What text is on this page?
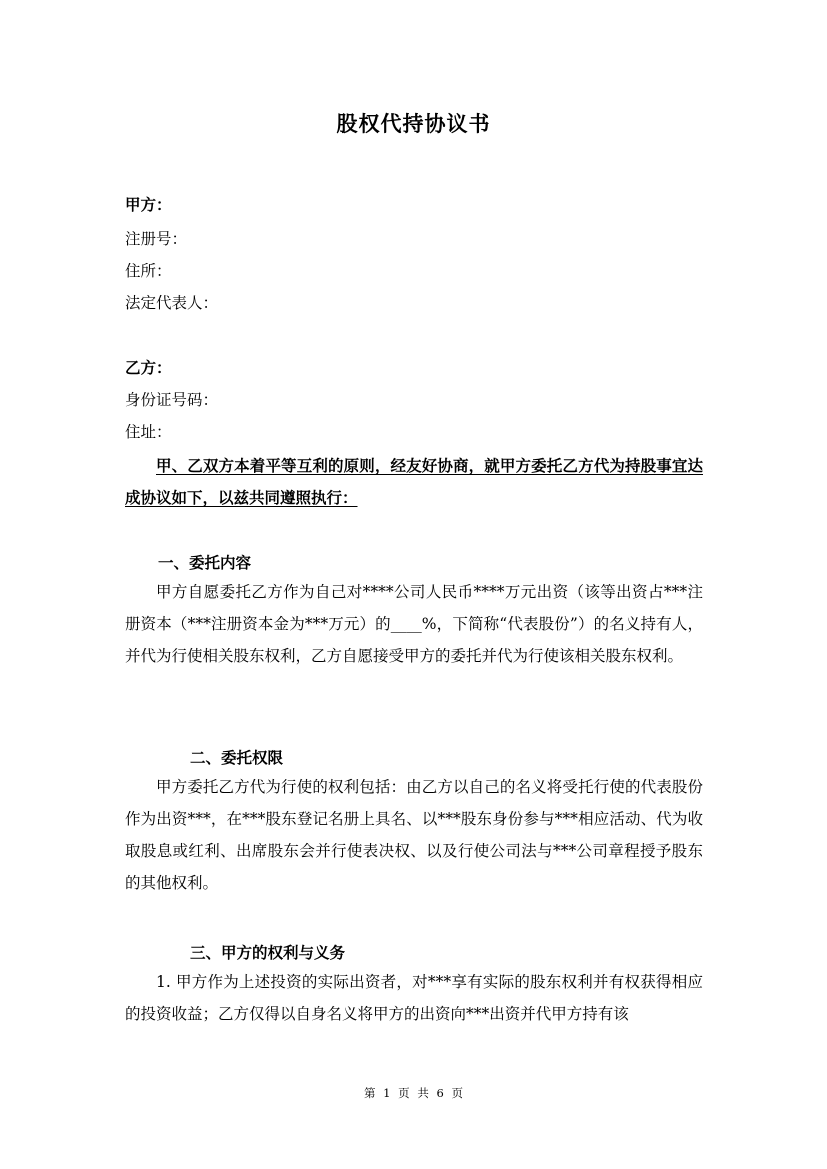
股权代持协议书
甲方：
注册号：
住所：
法定代表人：
乙方：
身份证号码：
住址：
甲、乙双方本着平等互利的原则，经友好协商，就甲方委托乙方代为持股事宜达成协议如下，以兹共同遵照执行：
一、委托内容
甲方自愿委托乙方作为自己对****公司人民币****万元出资（该等出资占***注册资本（***注册资本金为***万元）的____%，下简称“代表股份”）的名义持有人，并代为行使相关股东权利，乙方自愿接受甲方的委托并代为行使该相关股东权利。
二、委托权限
甲方委托乙方代为行使的权利包括：由乙方以自己的名义将受托行使的代表股份作为出资***，在***股东登记名册上具名、以***股东身份参与***相应活动、代为收取股息或红利、出席股东会并行使表决权、以及行使公司法与***公司章程授予股东的其他权利。
三、甲方的权利与义务
1. 甲方作为上述投资的实际出资者，对***享有实际的股东权利并有权获得相应的投资收益；乙方仅得以自身名义将甲方的出资向***出资并代甲方持有该
第 1 页 共 6 页
